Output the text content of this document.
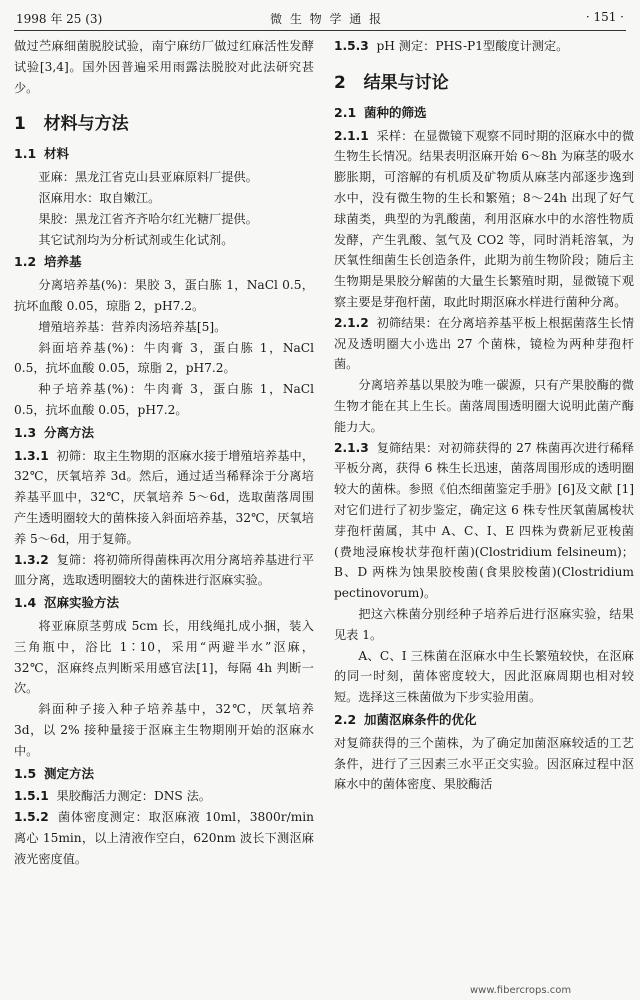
1998 年 25 (3)	微 生 物 学 通 报	· 151 ·

做过苎麻细菌脱胶试验，南宁麻纺厂做过红麻活性发酵试验[3,4]。国外因普遍采用雨露法脱胶对此法研究甚少。

1 材料与方法
1.1 材料

亚麻：黑龙江省克山县亚麻原料厂提供。

沤麻用水：取自嫩江。

果胶：黑龙江省齐齐哈尔红光糖厂提供。

其它试剂均为分析试剂或生化试剂。

1.2 培养基

分离培养基(%)：果胶 3，蛋白胨 1，NaCl 0.5，抗坏血酸 0.05，琼脂 2，pH7.2。

增殖培养基：营养肉汤培养基[5]。

斜面培养基(%)：牛肉膏 3，蛋白胨 1，NaCl 0.5，抗坏血酸 0.05，琼脂 2，pH7.2。

种子培养基(%)：牛肉膏 3，蛋白胨 1，NaCl 0.5，抗坏血酸 0.05，pH7.2。

1.3 分离方法

1.3.1 初筛：取主生物期的沤麻水接于增殖培养基中，32℃，厌氧培养 3d。然后，通过适当稀释涂于分离培养基平皿中，32℃，厌氧培养 5～6d，选取菌落周围产生透明圈较大的菌株接入斜面培养基，32℃，厌氧培养 5～6d，用于复筛。

1.3.2 复筛：将初筛所得菌株再次用分离培养基进行平皿分离，选取透明圈较大的菌株进行沤麻实验。

1.4 沤麻实验方法

将亚麻原茎剪成 5cm 长，用线绳扎成小捆，装入三角瓶中，浴比 1∶10，采用“两避半水”沤麻，32℃，沤麻终点判断采用感官法[1]，每隔 4h 判断一次。

斜面种子接入种子培养基中，32℃，厌氧培养 3d，以 2% 接种量接于沤麻主生物期刚开始的沤麻水中。

1.5 测定方法

1.5.1 果胶酶活力测定：DNS 法。

1.5.2 菌体密度测定：取沤麻液 10ml，3800r/min 离心 15min，以上清液作空白，620nm 波长下测沤麻液光密度值。

1.5.3 pH 测定：PHS-P1型酸度计测定。

2 结果与讨论
2.1 菌种的筛选

2.1.1 采样：在显微镜下观察不同时期的沤麻水中的微生物生长情况。结果表明沤麻开始 6～8h 为麻茎的吸水膨胀期，可溶解的有机质及矿物质从麻茎内部逐步逸到水中，没有微生物的生长和繁殖；8～24h 出现了好气球菌类，典型的为乳酸菌，利用沤麻水中的水溶性物质发酵，产生乳酸、氢气及 CO2 等，同时消耗溶氧，为厌氧性细菌生长创造条件，此期为前生物阶段；随后主生物期是果胶分解菌的大量生长繁殖时期，显微镜下观察主要是芽孢杆菌，取此时期沤麻水样进行菌种分离。

2.1.2 初筛结果：在分离培养基平板上根据菌落生长情况及透明圈大小选出 27 个菌株，镜检为两种芽孢杆菌。

分离培养基以果胶为唯一碳源，只有产果胶酶的微生物才能在其上生长。菌落周围透明圈大说明此菌产酶能力大。

2.1.3 复筛结果：对初筛获得的 27 株菌再次进行稀释平板分离，获得 6 株生长迅速，菌落周围形成的透明圈较大的菌株。参照《伯杰细菌鉴定手册》[6]及文献 [1] 对它们进行了初步鉴定，确定这 6 株专性厌氧菌属梭状芽孢杆菌属，其中 A、C、I、E 四株为费新尼亚梭菌(费地浸麻梭状芽孢杆菌)(Clostridium felsineum)；B、D 两株为蚀果胶梭菌(食果胶梭菌)(Clostridium pectinovorum)。

把这六株菌分别经种子培养后进行沤麻实验，结果见表 1。

A、C、I 三株菌在沤麻水中生长繁殖较快，在沤麻的同一时刻，菌体密度较大，因此沤麻周期也相对较短。选择这三株菌做为下步实验用菌。

2.2 加菌沤麻条件的优化

对复筛获得的三个菌株，为了确定加菌沤麻较适的工艺条件，进行了三因素三水平正交实验。因沤麻过程中沤麻水中的菌体密度、果胶酶活

www.fibercrops.com
